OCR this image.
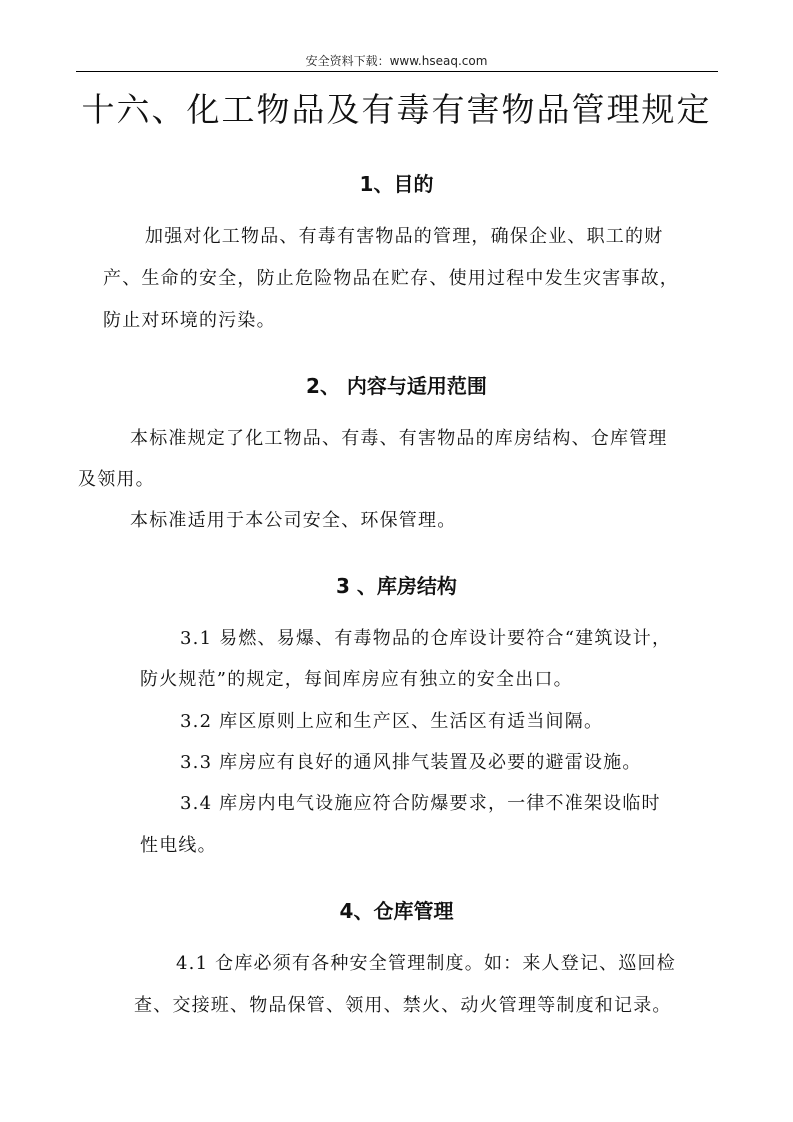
安全资料下载：www.hseaq.com
十六、化工物品及有毒有害物品管理规定
1、目的

加强对化工物品、有毒有害物品的管理，确保企业、职工的财

产、生命的安全，防止危险物品在贮存、使用过程中发生灾害事故，

防止对环境的污染。

2、 内容与适用范围

本标准规定了化工物品、有毒、有害物品的库房结构、仓库管理

及领用。

本标准适用于本公司安全、环保管理。

3 、库房结构

3.1 易燃、易爆、有毒物品的仓库设计要符合“建筑设计，

防火规范”的规定，每间库房应有独立的安全出口。

3.2 库区原则上应和生产区、生活区有适当间隔。

3.3 库房应有良好的通风排气装置及必要的避雷设施。

3.4 库房内电气设施应符合防爆要求，一律不准架设临时

性电线。

4、仓库管理

4.1 仓库必须有各种安全管理制度。如：来人登记、巡回检

查、交接班、物品保管、领用、禁火、动火管理等制度和记录。
